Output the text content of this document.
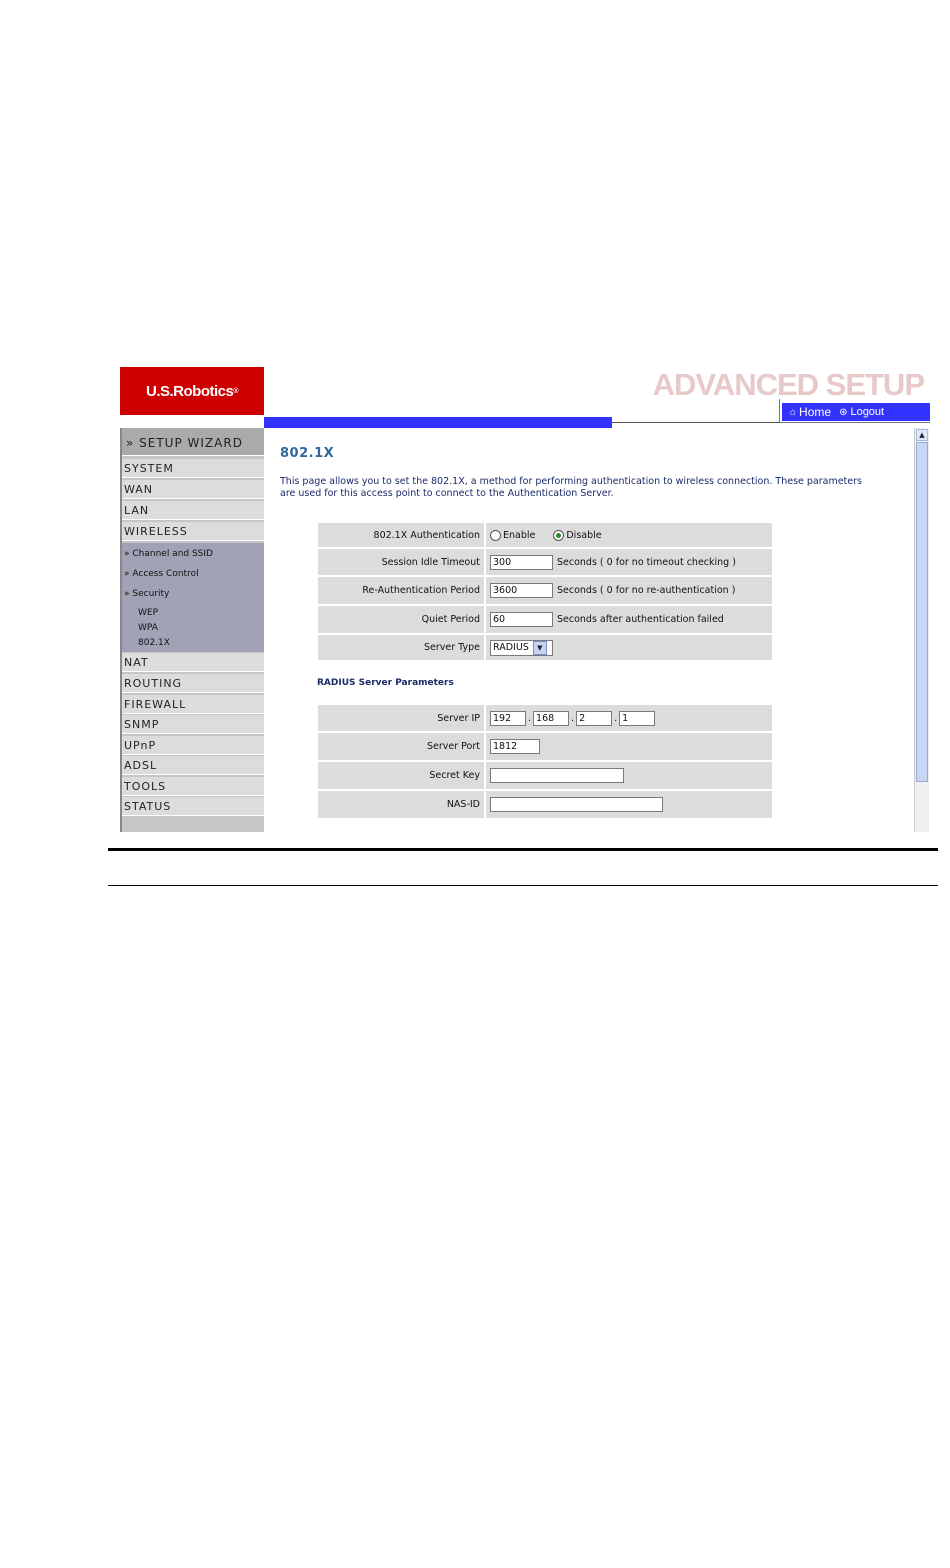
U.S.Robotics ®	ADVANCED SETUP
⌂ Home ⊛ Logout
» SETUP WIZARD
SYSTEM
WAN
LAN
WIRELESS
» Channel and SSID
» Access Control
» Security
WEP
WPA
802.1X
NAT
ROUTING
FIREWALL
SNMP
UPnP
ADSL
TOOLS
STATUS
802.1X
This page allows you to set the 802.1X, a method for performing authentication to wireless connection. These parameters are used for this access point to connect to the Authentication Server.
802.1X Authentication	Enable	Disable
Session Idle Timeout	300	Seconds ( 0 for no timeout checking )
Re-Authentication Period	3600	Seconds ( 0 for no re-authentication )
Quiet Period	60	Seconds after authentication failed
Server Type	RADIUS	▼
RADIUS Server Parameters
Server IP	192	. 168	. 2	. 1
Server Port	1812
Secret Key
NAS-ID
▲
